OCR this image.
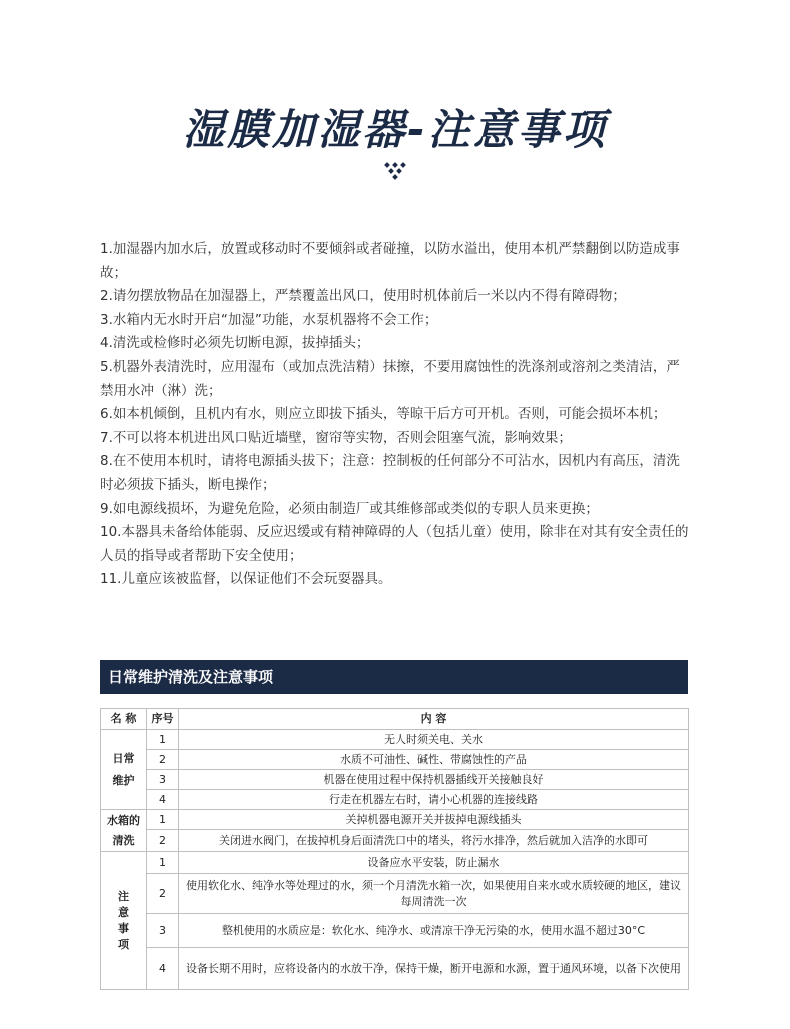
湿膜加湿器-注意事项

1.加湿器内加水后，放置或移动时不要倾斜或者碰撞，以防水溢出，使用本机严禁翻倒以防造成事故；

2.请勿摆放物品在加湿器上，严禁覆盖出风口，使用时机体前后一米以内不得有障碍物；

3.水箱内无水时开启“加湿”功能，水泵机器将不会工作；

4.清洗或检修时必须先切断电源，拔掉插头；

5.机器外表清洗时，应用湿布（或加点洗洁精）抹擦，不要用腐蚀性的洗涤剂或溶剂之类清洁，严禁用水冲（淋）洗；

6.如本机倾倒，且机内有水，则应立即拔下插头，等晾干后方可开机。否则，可能会损坏本机；

7.不可以将本机进出风口贴近墙壁，窗帘等实物，否则会阻塞气流，影响效果；

8.在不使用本机时，请将电源插头拔下；注意：控制板的任何部分不可沾水，因机内有高压，清洗时必须拔下插头，断电操作；

9.如电源线损坏，为避免危险，必须由制造厂或其维修部或类似的专职人员来更换；

10.本器具未备给体能弱、反应迟缓或有精神障碍的人（包括儿童）使用，除非在对其有安全责任的人员的指导或者帮助下安全使用；

11.儿童应该被监督，以保证他们不会玩耍器具。

日常维护清洗及注意事项
名 称	序号	内 容

日常
维护	1	无人时须关电、关水
	2	水质不可油性、碱性、带腐蚀性的产品
	3	机器在使用过程中保持机器插线开关接触良好
	4	行走在机器左右时，请小心机器的连接线路

水箱的
清洗	1	关掉机器电源开关并拔掉电源线插头
	2	关闭进水阀门，在拔掉机身后面清洗口中的堵头，将污水排净，然后就加入洁净的水即可

注
意
事
项	1	设备应水平安装，防止漏水
	2	使用软化水、纯净水等处理过的水，须一个月清洗水箱一次，如果使用自来水或水质较硬的地区，建议每周清洗一次
	3	整机使用的水质应是：软化水、纯净水、或清凉干净无污染的水，使用水温不超过30°C
	4	设备长期不用时，应将设备内的水放干净，保持干燥，断开电源和水源，置于通风环境，以备下次使用
